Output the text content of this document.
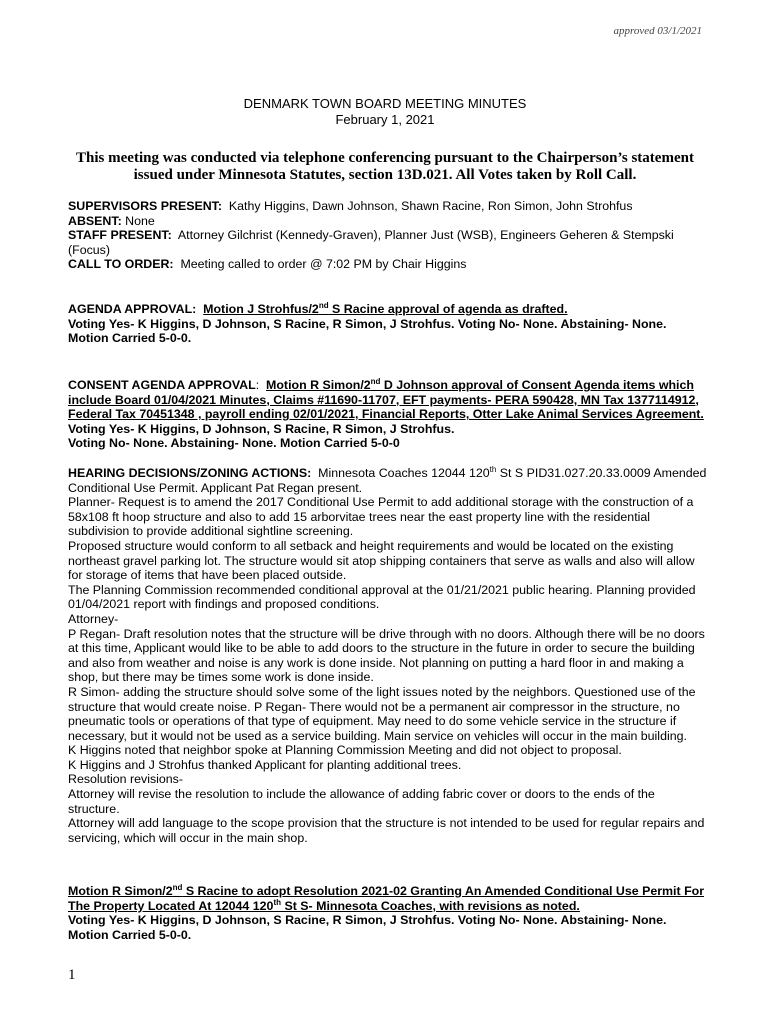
approved 03/1/2021
DENMARK TOWN BOARD MEETING MINUTES
February 1, 2021
This meeting was conducted via telephone conferencing pursuant to the Chairperson’s statement issued under Minnesota Statutes, section 13D.021. All Votes taken by Roll Call.

SUPERVISORS PRESENT: Kathy Higgins, Dawn Johnson, Shawn Racine, Ron Simon, John Strohfus

ABSENT: None

STAFF PRESENT: Attorney Gilchrist (Kennedy-Graven), Planner Just (WSB), Engineers Geheren & Stempski (Focus)

CALL TO ORDER: Meeting called to order @ 7:02 PM by Chair Higgins

AGENDA APPROVAL: Motion J Strohfus/2nd S Racine approval of agenda as drafted.

Voting Yes- K Higgins, D Johnson, S Racine, R Simon, J Strohfus. Voting No- None. Abstaining- None.

Motion Carried 5-0-0.

CONSENT AGENDA APPROVAL: Motion R Simon/2nd D Johnson approval of Consent Agenda items which include Board 01/04/2021 Minutes, Claims #11690-11707, EFT payments- PERA 590428, MN Tax 1377114912, Federal Tax 70451348 , payroll ending 02/01/2021, Financial Reports, Otter Lake Animal Services Agreement. Voting Yes- K Higgins, D Johnson, S Racine, R Simon, J Strohfus.

Voting No- None. Abstaining- None. Motion Carried 5-0-0

HEARING DECISIONS/ZONING ACTIONS: Minnesota Coaches 12044 120th St S PID31.027.20.33.0009 Amended Conditional Use Permit. Applicant Pat Regan present.

Planner- Request is to amend the 2017 Conditional Use Permit to add additional storage with the construction of a 58x108 ft hoop structure and also to add 15 arborvitae trees near the east property line with the residential subdivision to provide additional sightline screening.

Proposed structure would conform to all setback and height requirements and would be located on the existing northeast gravel parking lot. The structure would sit atop shipping containers that serve as walls and also will allow for storage of items that have been placed outside.

The Planning Commission recommended conditional approval at the 01/21/2021 public hearing. Planning provided 01/04/2021 report with findings and proposed conditions.

Attorney-

P Regan- Draft resolution notes that the structure will be drive through with no doors. Although there will be no doors at this time, Applicant would like to be able to add doors to the structure in the future in order to secure the building and also from weather and noise is any work is done inside. Not planning on putting a hard floor in and making a shop, but there may be times some work is done inside.

R Simon- adding the structure should solve some of the light issues noted by the neighbors. Questioned use of the structure that would create noise. P Regan- There would not be a permanent air compressor in the structure, no pneumatic tools or operations of that type of equipment. May need to do some vehicle service in the structure if necessary, but it would not be used as a service building. Main service on vehicles will occur in the main building.

K Higgins noted that neighbor spoke at Planning Commission Meeting and did not object to proposal.

K Higgins and J Strohfus thanked Applicant for planting additional trees.

Resolution revisions-

Attorney will revise the resolution to include the allowance of adding fabric cover or doors to the ends of the structure.

Attorney will add language to the scope provision that the structure is not intended to be used for regular repairs and servicing, which will occur in the main shop.

Motion R Simon/2nd S Racine to adopt Resolution 2021-02 Granting An Amended Conditional Use Permit For The Property Located At 12044 120th St S- Minnesota Coaches, with revisions as noted.

Voting Yes- K Higgins, D Johnson, S Racine, R Simon, J Strohfus. Voting No- None. Abstaining- None.

Motion Carried 5-0-0.

1
